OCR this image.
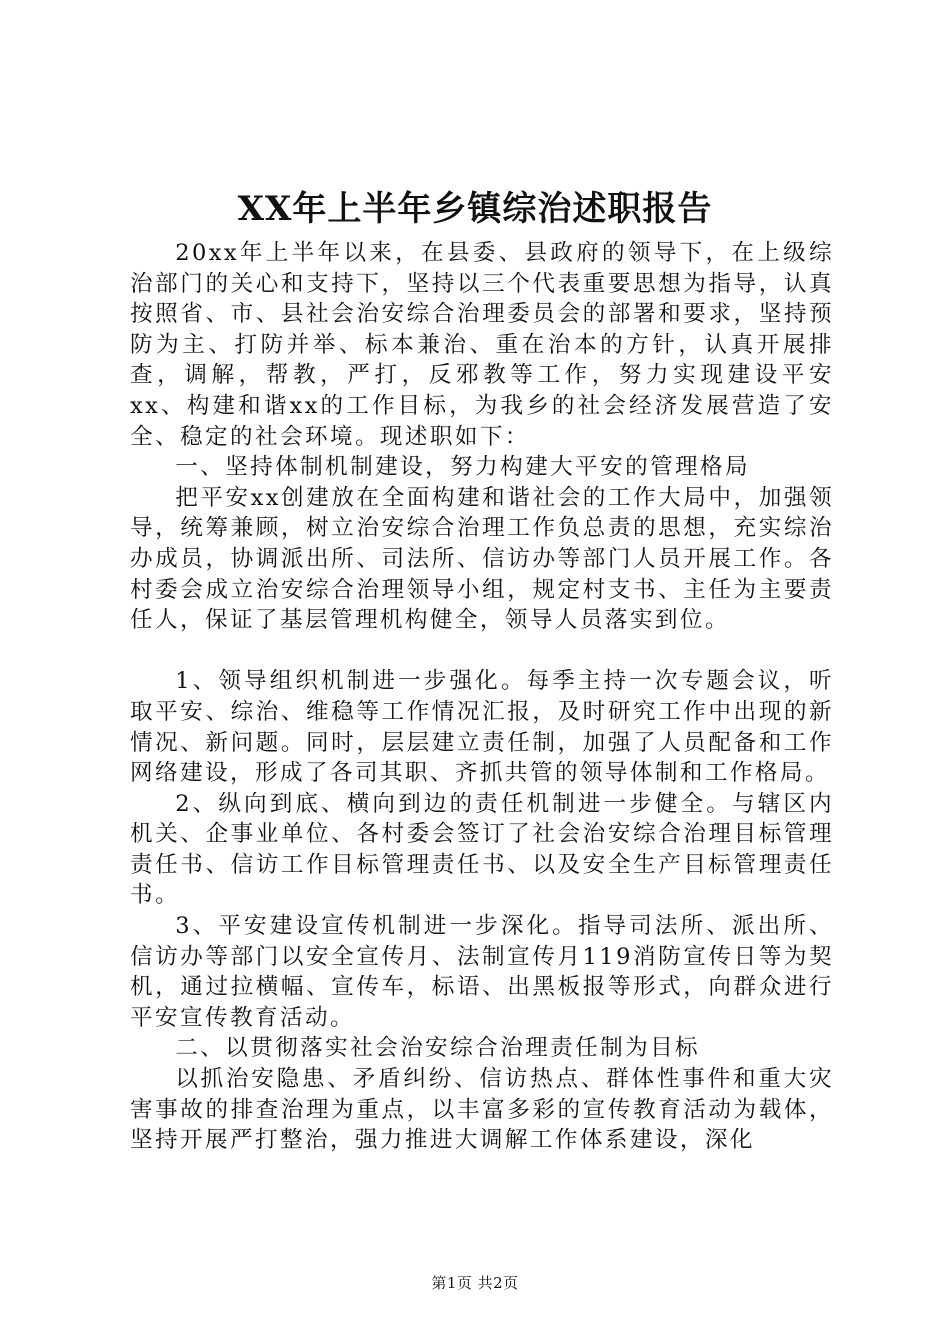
XX年上半年乡镇综治述职报告

20xx年上半年以来，在县委、县政府的领导下，在上级综治部门的关心和支持下，坚持以三个代表重要思想为指导，认真按照省、市、县社会治安综合治理委员会的部署和要求，坚持预防为主、打防并举、标本兼治、重在治本的方针，认真开展排查，调解，帮教，严打，反邪教等工作，努力实现建设平安xx、构建和谐xx的工作目标，为我乡的社会经济发展营造了安全、稳定的社会环境。现述职如下：

一、坚持体制机制建设，努力构建大平安的管理格局

把平安xx创建放在全面构建和谐社会的工作大局中，加强领导，统筹兼顾，树立治安综合治理工作负总责的思想，充实综治办成员，协调派出所、司法所、信访办等部门人员开展工作。各村委会成立治安综合治理领导小组，规定村支书、主任为主要责任人，保证了基层管理机构健全，领导人员落实到位。

1、领导组织机制进一步强化。每季主持一次专题会议，听取平安、综治、维稳等工作情况汇报，及时研究工作中出现的新情况、新问题。同时，层层建立责任制，加强了人员配备和工作网络建设，形成了各司其职、齐抓共管的领导体制和工作格局。

2、纵向到底、横向到边的责任机制进一步健全。与辖区内机关、企事业单位、各村委会签订了社会治安综合治理目标管理责任书、信访工作目标管理责任书、以及安全生产目标管理责任书。

3、平安建设宣传机制进一步深化。指导司法所、派出所、信访办等部门以安全宣传月、法制宣传月119消防宣传日等为契机，通过拉横幅、宣传车，标语、出黑板报等形式，向群众进行平安宣传教育活动。

二、以贯彻落实社会治安综合治理责任制为目标

以抓治安隐患、矛盾纠纷、信访热点、群体性事件和重大灾害事故的排查治理为重点，以丰富多彩的宣传教育活动为载体，坚持开展严打整治，强力推进大调解工作体系建设，深化

第1页 共2页
